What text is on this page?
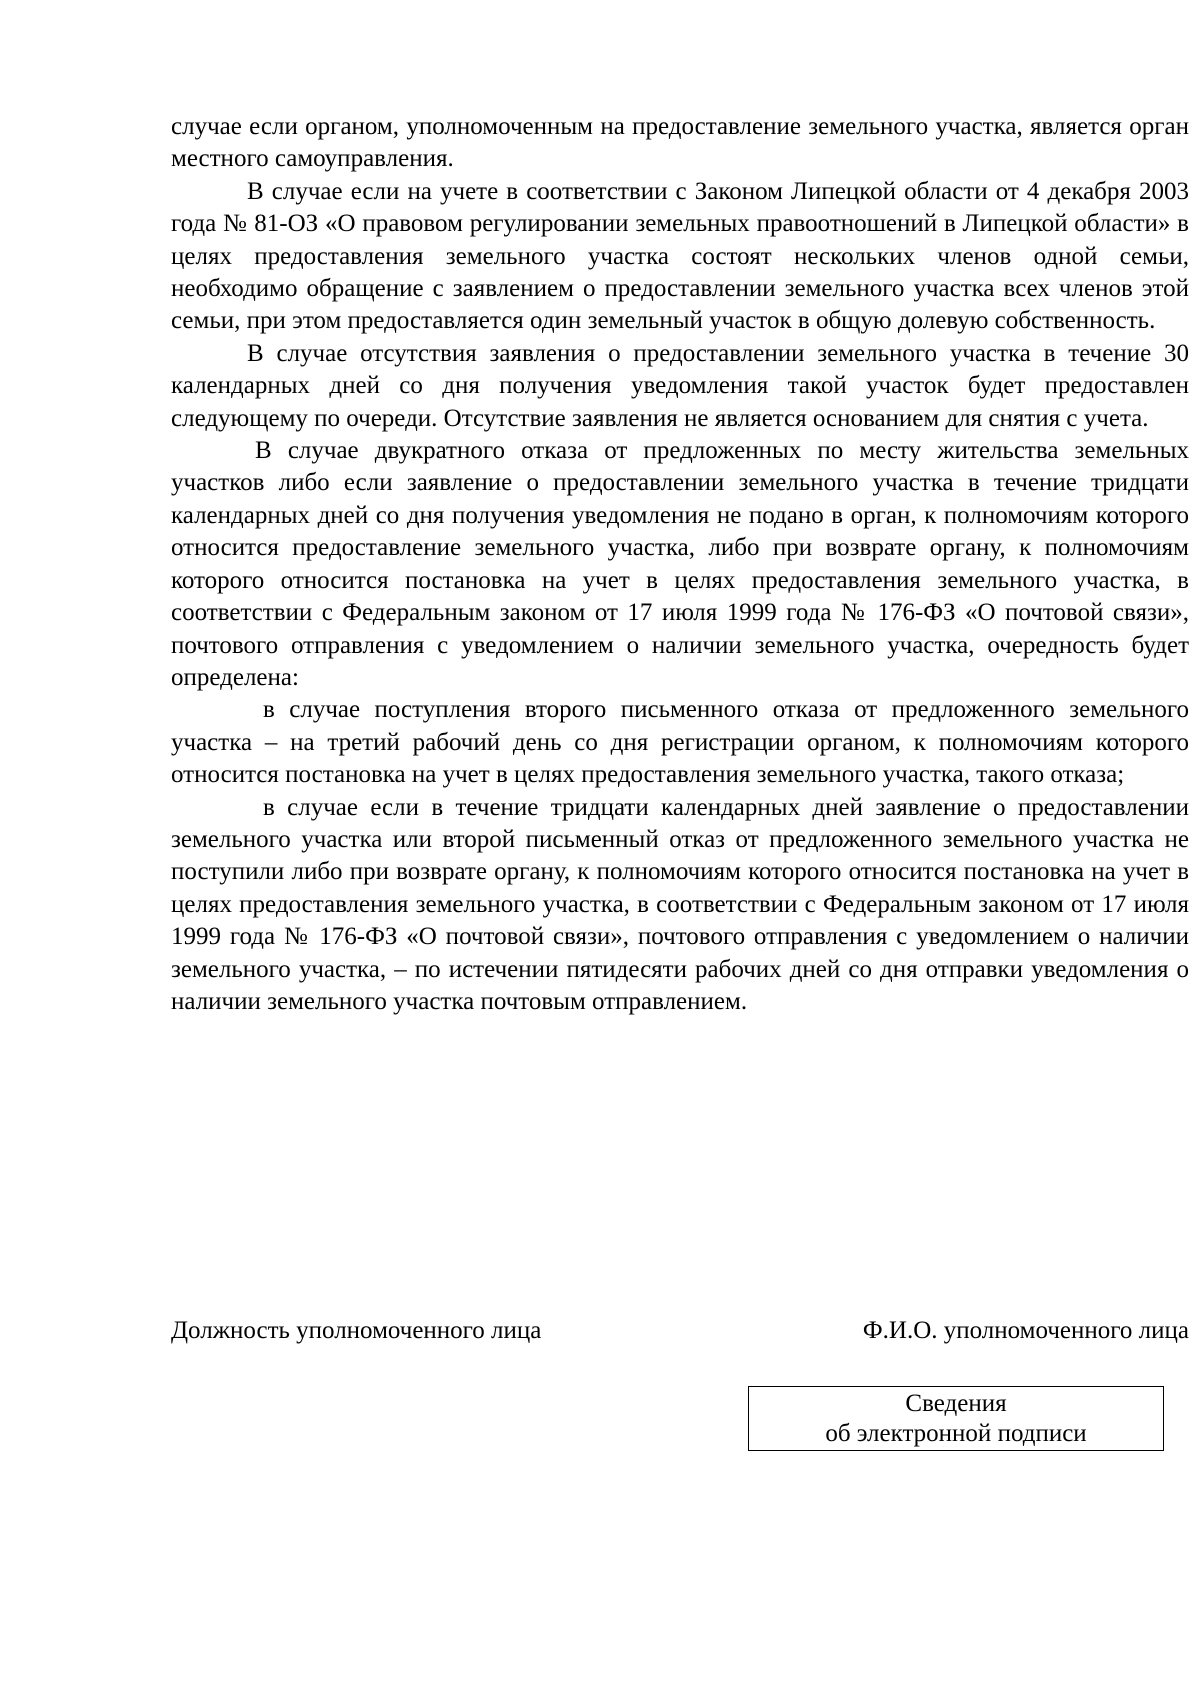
случае если органом, уполномоченным на предоставление земельного участка, является орган местного самоуправления.

В случае если на учете в соответствии с Законом Липецкой области от 4 декабря 2003 года № 81-ОЗ «О правовом регулировании земельных правоотношений в Липецкой области» в целях предоставления земельного участка состоят нескольких членов одной семьи, необходимо обращение с заявлением о предоставлении земельного участка всех членов этой семьи, при этом предоставляется один земельный участок в общую долевую собственность.

В случае отсутствия заявления о предоставлении земельного участка в течение 30 календарных дней со дня получения уведомления такой участок будет предоставлен следующему по очереди. Отсутствие заявления не является основанием для снятия с учета.

В случае двукратного отказа от предложенных по месту жительства земельных участков либо если заявление о предоставлении земельного участка в течение тридцати календарных дней со дня получения уведомления не подано в орган, к полномочиям которого относится предоставление земельного участка, либо при возврате органу, к полномочиям которого относится постановка на учет в целях предоставления земельного участка, в соответствии с Федеральным законом от 17 июля 1999 года № 176-ФЗ «О почтовой связи», почтового отправления с уведомлением о наличии земельного участка, очередность будет определена:

в случае поступления второго письменного отказа от предложенного земельного участка – на третий рабочий день со дня регистрации органом, к полномочиям которого относится постановка на учет в целях предоставления земельного участка, такого отказа;

в случае если в течение тридцати календарных дней заявление о предоставлении земельного участка или второй письменный отказ от предложенного земельного участка не поступили либо при возврате органу, к полномочиям которого относится постановка на учет в целях предоставления земельного участка, в соответствии с Федеральным законом от 17 июля 1999 года № 176-ФЗ «О почтовой связи», почтового отправления с уведомлением о наличии земельного участка, – по истечении пятидесяти рабочих дней со дня отправки уведомления о наличии земельного участка почтовым отправлением.

Должность уполномоченного лица	Ф.И.О. уполномоченного лица
Сведения
об электронной подписи
